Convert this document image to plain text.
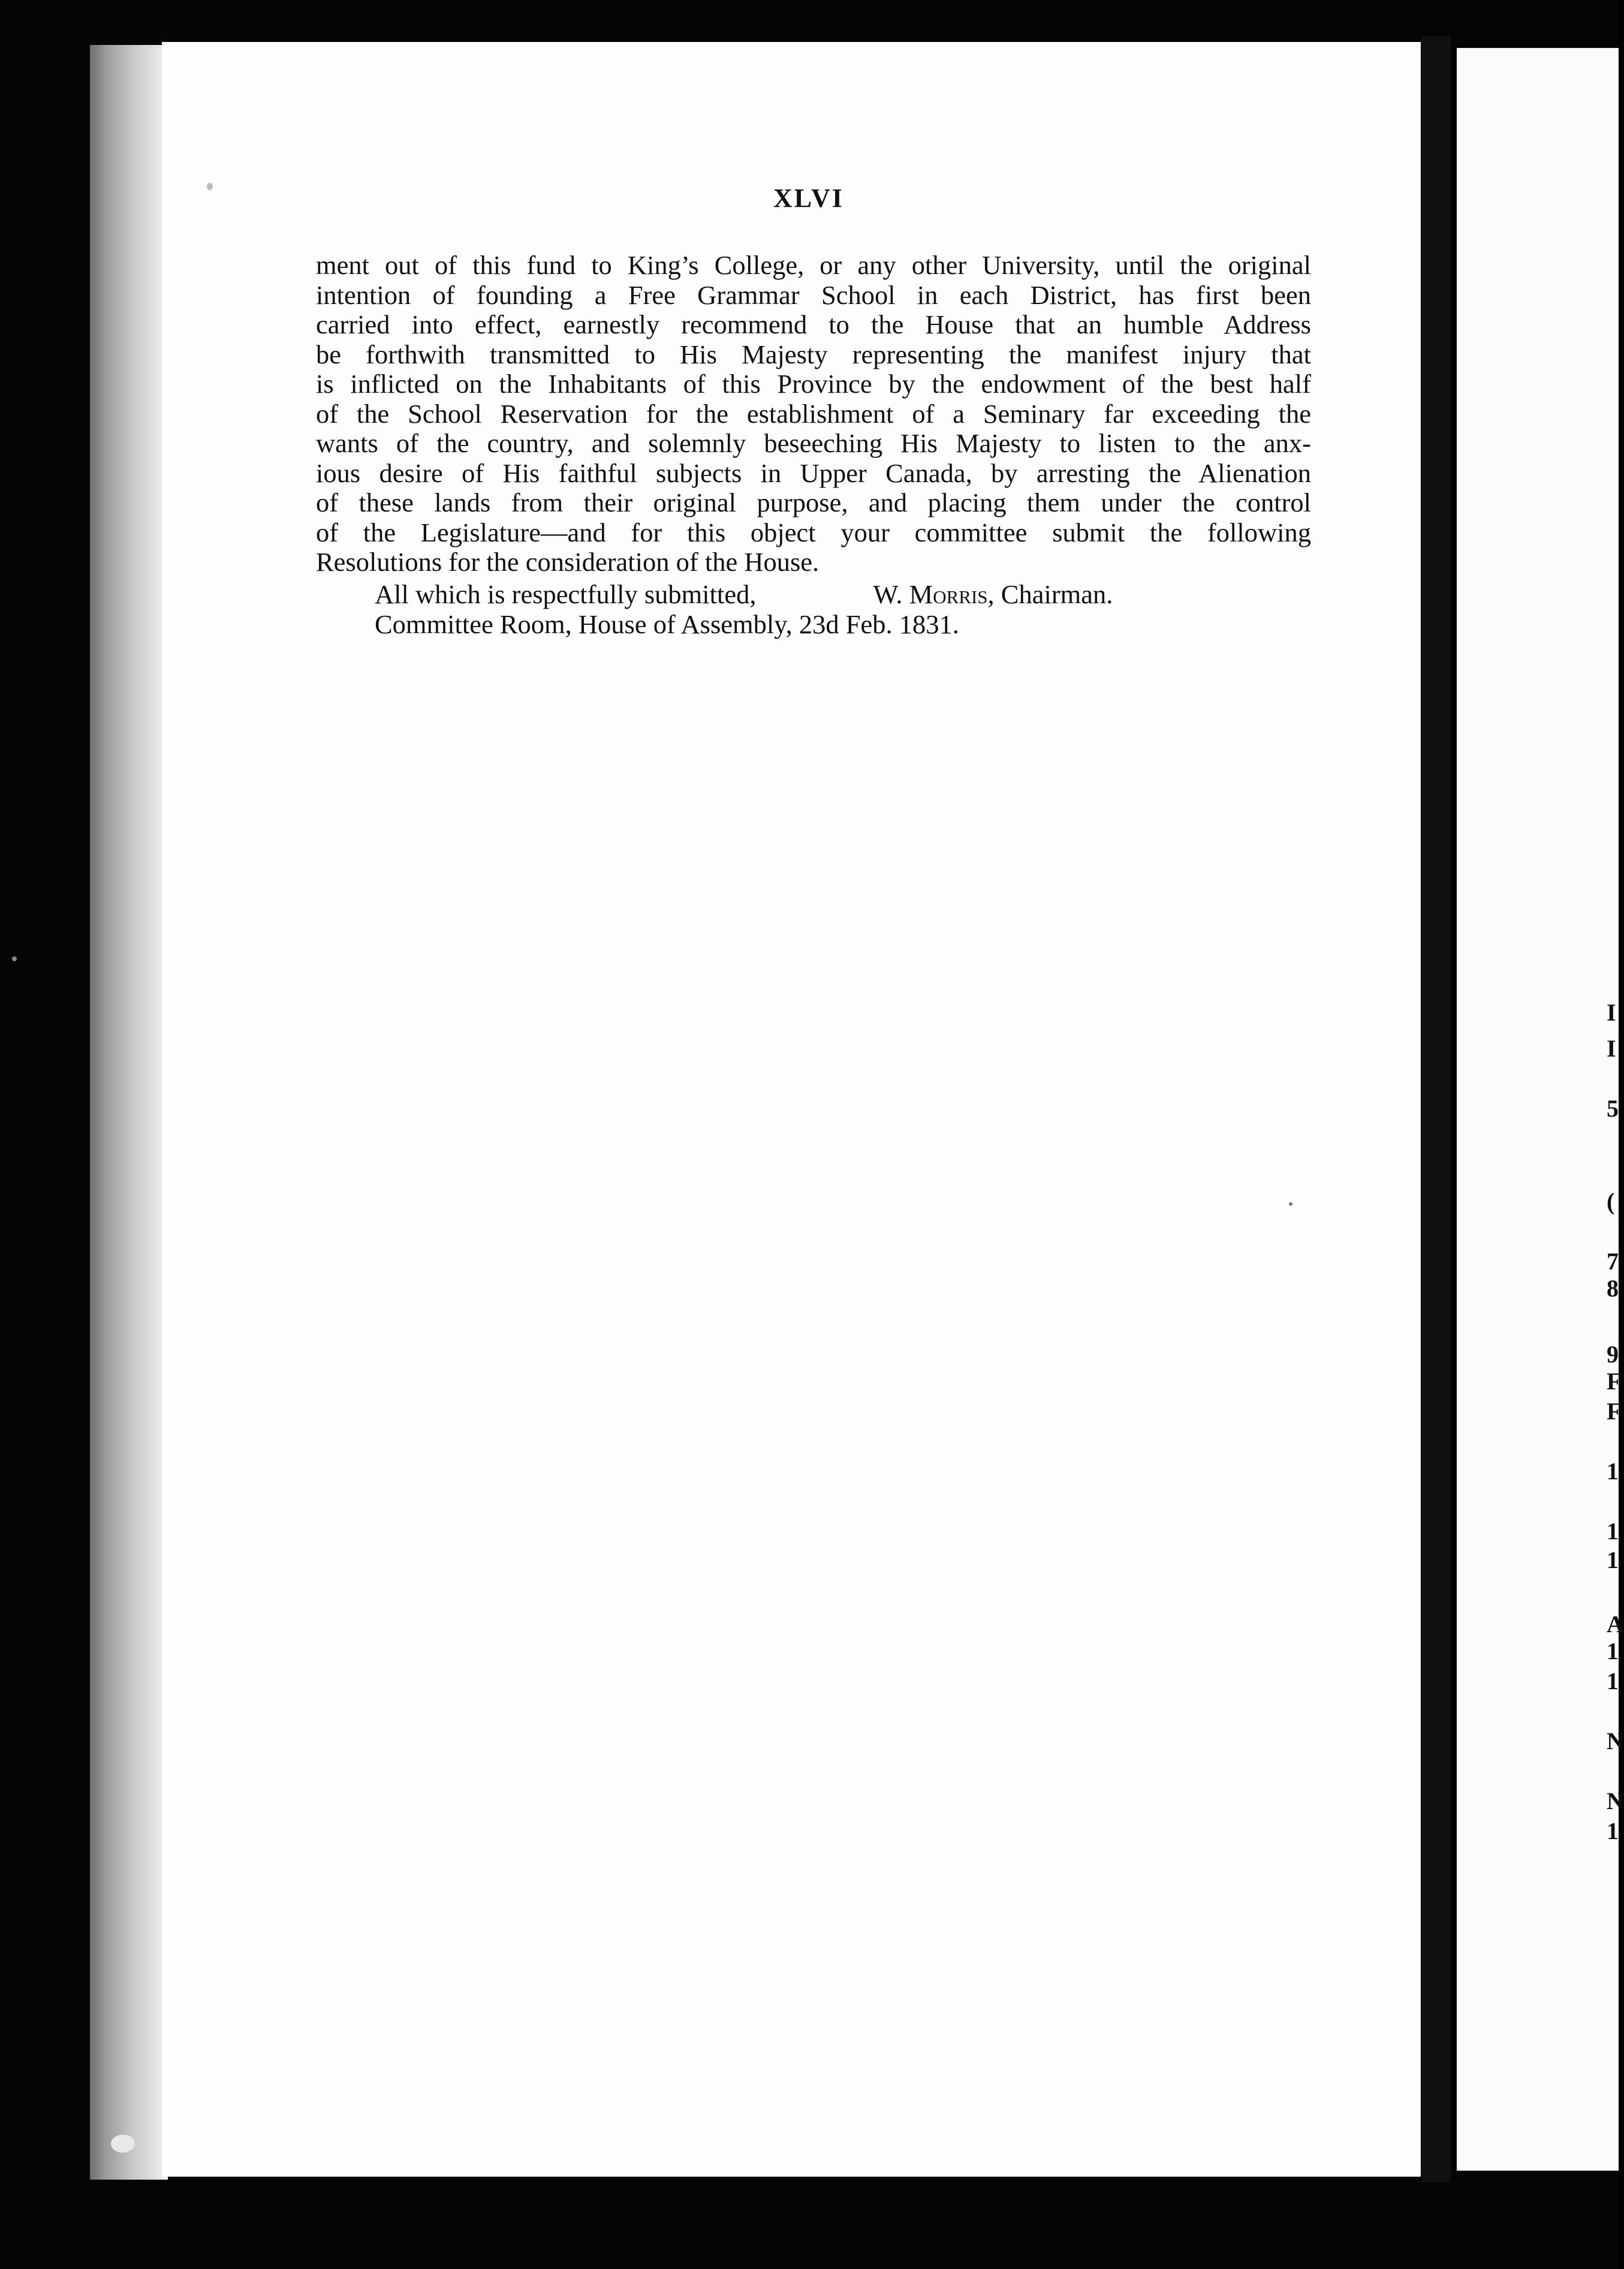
I
I
5
(
7
8
9
F
F
1
1
1
A
1
1
N
N
1
XLVI
ment out of this fund to King’s College, or any other University, until the original
intention of founding a Free Grammar School in each District, has first been
carried into effect, earnestly recommend to the House that an humble Address
be forthwith transmitted to His Majesty representing the manifest injury that
is inflicted on the Inhabitants of this Province by the endowment of the best half
of the School Reservation for the establishment of a Seminary far exceeding the
wants of the country, and solemnly beseeching His Majesty to listen to the anx-
ious desire of His faithful subjects in Upper Canada, by arresting the Alienation
of these lands from their original purpose, and placing them under the control
of the Legislature—and for this object your committee submit the following
Resolutions for the consideration of the House.
All which is respectfully submitted,	W. Morris, Chairman.
Committee Room, House of Assembly, 23d Feb. 1831.
